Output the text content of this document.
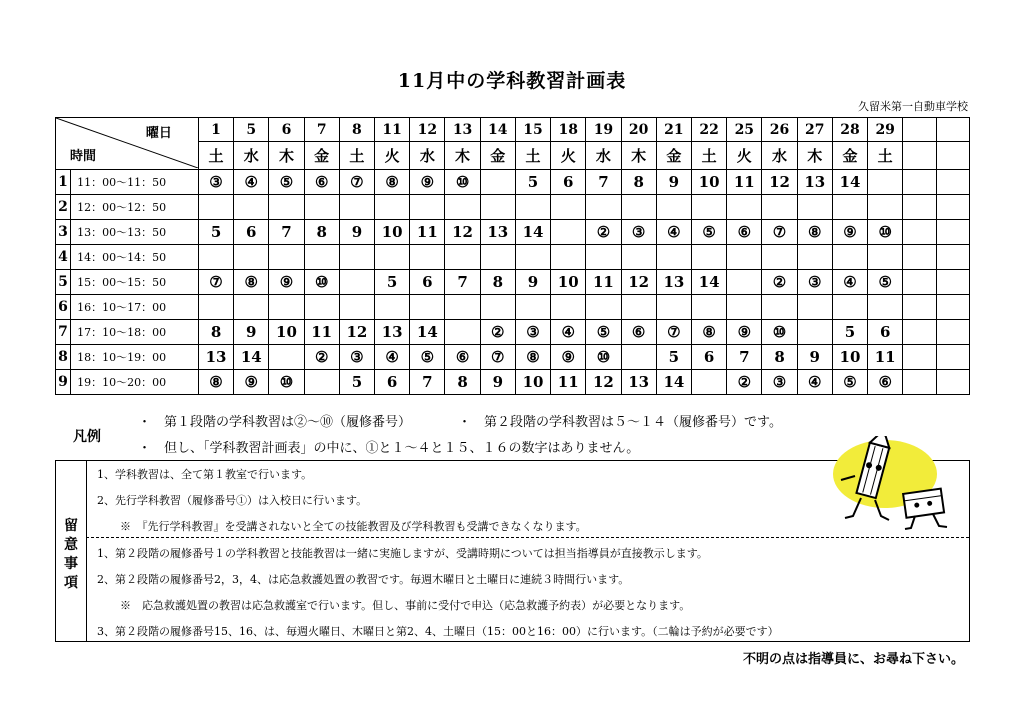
11月中の学科教習計画表
久留米第一自動車学校
曜日
時間		1	5	6	7	8	11	12	13	14	15	18	19	20	21	22	25	26	27	28	29		
		土	水	木	金	土	火	水	木	金	土	火	水	木	金	土	火	水	木	金	土		
1	11：00～11：50	③	④	⑤	⑥	⑦	⑧	⑨	⑩		5	6	7	8	9	10	11	12	13	14			
2	12：00～12：50																						
3	13：00～13：50	5	6	7	8	9	10	11	12	13	14		②	③	④	⑤	⑥	⑦	⑧	⑨	⑩		
4	14：00～14：50																						
5	15：00～15：50	⑦	⑧	⑨	⑩		5	6	7	8	9	10	11	12	13	14		②	③	④	⑤		
6	16：10～17：00																						
7	17：10～18：00	8	9	10	11	12	13	14		②	③	④	⑤	⑥	⑦	⑧	⑨	⑩		5	6		
8	18：10～19：00	13	14		②	③	④	⑤	⑥	⑦	⑧	⑨	⑩		5	6	7	8	9	10	11		
9	19：10～20：00	⑧	⑨	⑩		5	6	7	8	9	10	11	12	13	14		②	③	④	⑤	⑥		
凡例
・　第１段階の学科教習は②～⑩（履修番号）	・　第２段階の学科教習は５～１４（履修番号）です。
・　但し、「学科教習計画表」の中に、①と１～４と１５、１６の数字はありません。
留
意
事
項
1、学科教習は、全て第１教室で行います。
2、先行学科教習（履修番号①）は入校日に行います。
※　『先行学科教習』を受講されないと全ての技能教習及び学科教習も受講できなくなります。
1、第２段階の履修番号１の学科教習と技能教習は一緒に実施しますが、受講時期については担当指導員が直接教示します。
2、第２段階の履修番号2，3，4、は応急救護処置の教習です。毎週木曜日と土曜日に連続３時間行います。
※　応急救護処置の教習は応急救護室で行います。但し、事前に受付で申込（応急救護予約表）が必要となります。
3、第２段階の履修番号15、16、は、毎週火曜日、木曜日と第2、4、土曜日（15：00と16：00）に行います。（二輪は予約が必要です）
不明の点は指導員に、お尋ね下さい。
